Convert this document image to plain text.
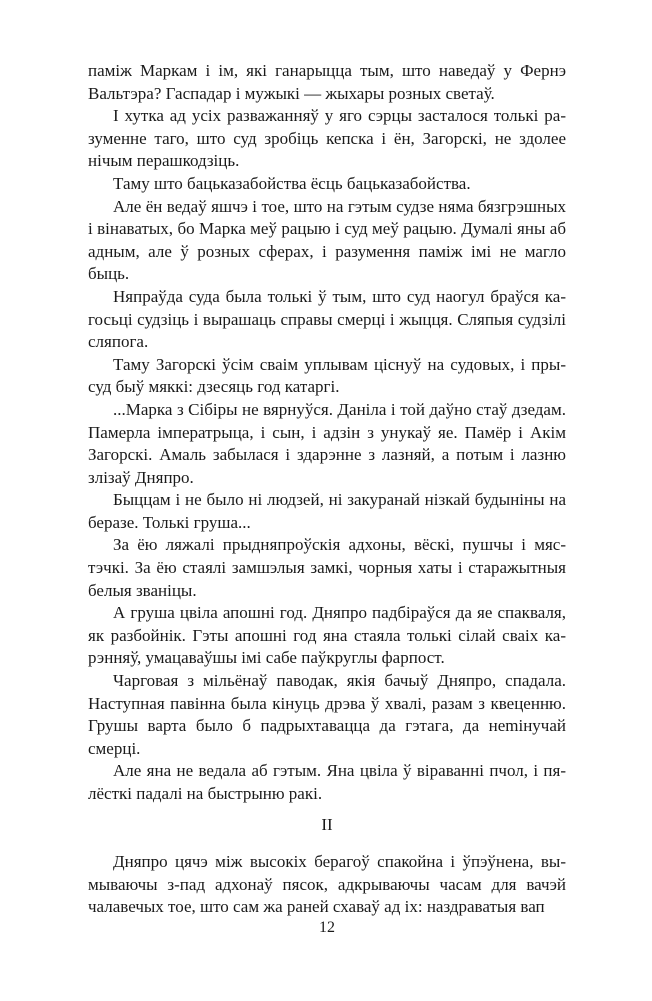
паміж Маркам і ім, які ганарыцца тым, што наведаў у Фернэ Вальтэра? Гаспадар і мужыкі — жыхары розных светаў.

І хутка ад усіх разважанняў у яго сэрцы засталося толькі разуменне таго, што суд зробіць кепска і ён, Загорскі, не здолее нічым перашкодзіць.

Таму што бацьказабойства ёсць бацьказабойства.

Але ён ведаў яшчэ і тое, што на гэтым судзе няма бязгрэшных і вінаватых, бо Марка меў рацыю і суд меў рацыю. Думалі яны аб адным, але ў розных сферах, і разумення паміж імі не магло быць.

Няпраўда суда была толькі ў тым, што суд наогул браўся кагосьці судзіць і вырашаць справы смерці і жыцця. Сляпыя судзілі сляпога.

Таму Загорскі ўсім сваім уплывам ціснуў на судовых, і прысуд быў мяккі: дзесяць год катаргі.

...Марка з Сібіры не вярнуўся. Даніла і той даўно стаў дзедам. Памерла імператрыца, і сын, і адзін з унукаў яе. Памёр і Акім Загорскі. Амаль забылася і здарэнне з лазняй, а потым і лазню злізаў Дняпро.

Быццам і не было ні людзей, ні закуранай нізкай будыніны на беразе. Толькі груша...

За ёю ляжалі прыдняпроўскія адхоны, вёскі, пушчы і мястэчкі. За ёю стаялі замшэлыя замкі, чорныя хаты і старажытныя белыя званіцы.

А груша цвіла апошні год. Дняпро падбіраўся да яе спакваля, як разбойнік. Гэты апошні год яна стаяла толькі сілай сваіх карэнняў, умацаваўшы імі сабе паўкруглы фарпост.

Чарговая з мільёнаў паводак, якія бачыў Дняпро, спадала. Наступная павінна была кінуць дрэва ў хвалі, разам з квеценню. Грушы варта было б падрыхтавацца да гэтага, да нemінучай смерці.

Але яна не ведала аб гэтым. Яна цвіла ў віраванні пчол, і пялёсткі падалі на быстрыню ракі.

II

Дняпро цячэ між высокіх берагоў спакойна і ўпэўнена, вымываючы з-пад адхонаў пясок, адкрываючы часам для вачэй чалавечых тое, што сам жа раней схаваў ад іх: наздраватыя вап

12
